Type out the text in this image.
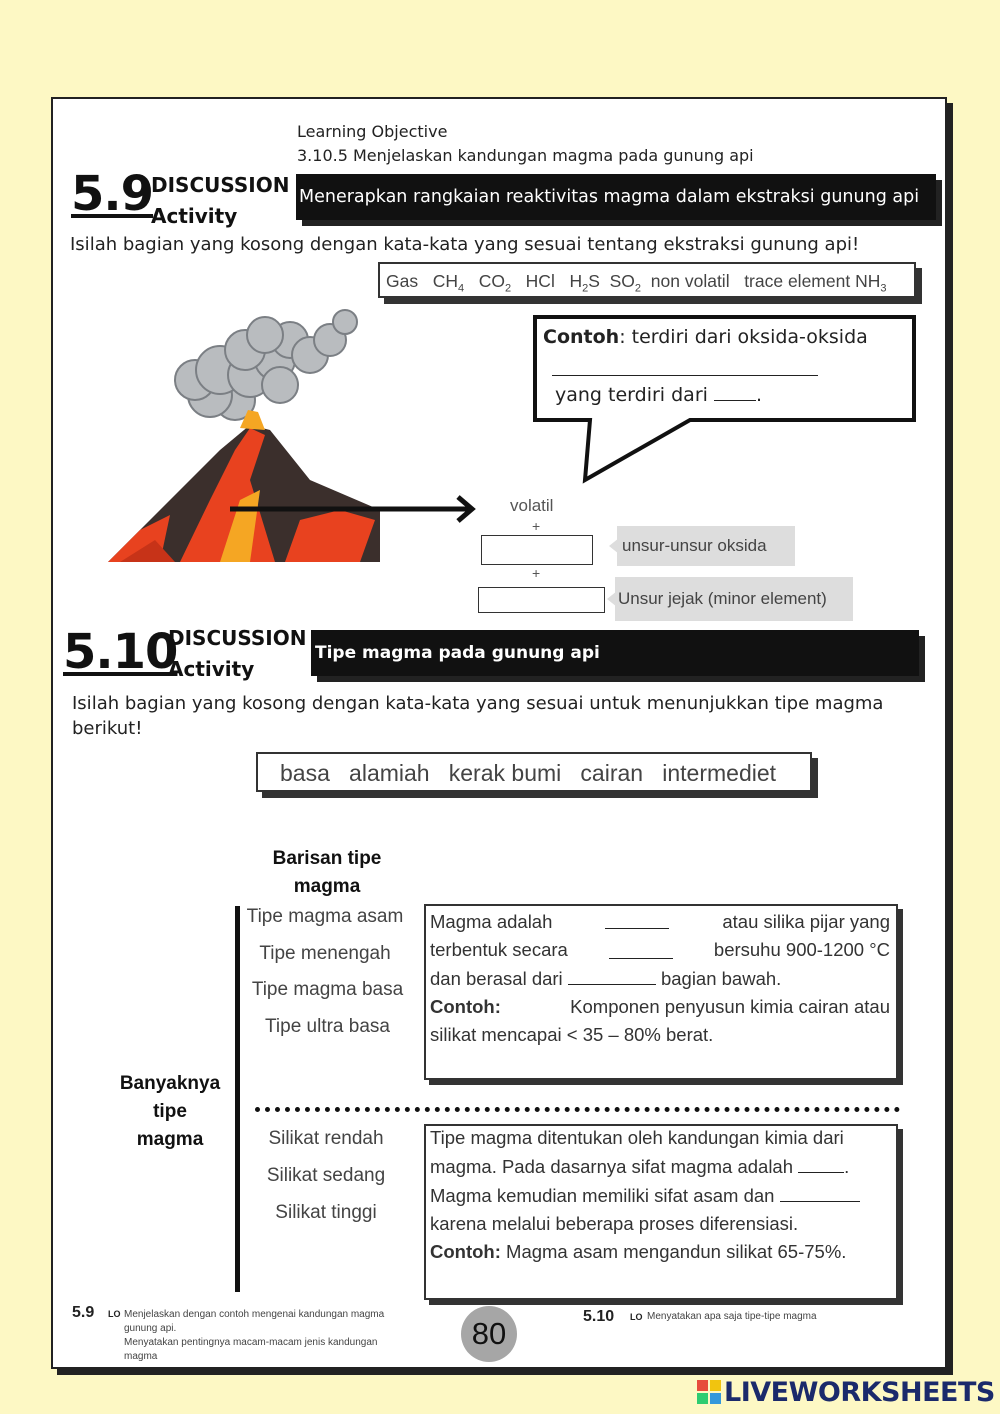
Learning Objective
3.10.5 Menjelaskan kandungan magma pada gunung api
5.9
DISCUSSION
Activity
Menerapkan rangkaian reaktivitas magma dalam ekstraksi gunung api
Isilah bagian yang kosong dengan kata-kata yang sesuai tentang ekstraksi gunung api!
Gas $CH_4$ $CO_2$ HCl $H_2S$ $SO_2$ non volatil trace element $NH_3$
Contoh: terdiri dari oksida-oksida
yang terdiri dari	.
volatil
+
+
unsur-unsur oksida
Unsur jejak (minor element)
5.10
DISCUSSION
Activity
Tipe magma pada gunung api
Isilah bagian yang kosong dengan kata-kata yang sesuai untuk menunjukkan tipe magma
berikut!
basa alamiah kerak bumi cairan intermediet
Barisan tipe
magma
Tipe magma asam
Tipe menengah
Tipe magma basa
Tipe ultra basa
Banyaknya
tipe
magma	Silikat rendah
Silikat sedang
Silikat tinggi
Magma adalah	atau silika pijar yang
terbentuk secara	bersuhu 900-1200 °C
dan berasal dari	bagian bawah.
Contoh:	Komponen penyusun kimia cairan atau
silikat mencapai < 35 – 80% berat.
Tipe magma ditentukan oleh kandungan kimia dari
magma. Pada dasarnya sifat magma adalah	.
Magma kemudian memiliki sifat asam dan
karena melalui beberapa proses diferensiasi.
Contoh: Magma asam mengandun silikat 65-75%.
5.9 LO Menjelaskan dengan contoh mengenai kandungan magma
gunung api.
Menyatakan pentingnya macam-macam jenis kandungan
magma
80	5.10 LO Menyatakan apa saja tipe-tipe magma
LIVEWORKSHEETS
